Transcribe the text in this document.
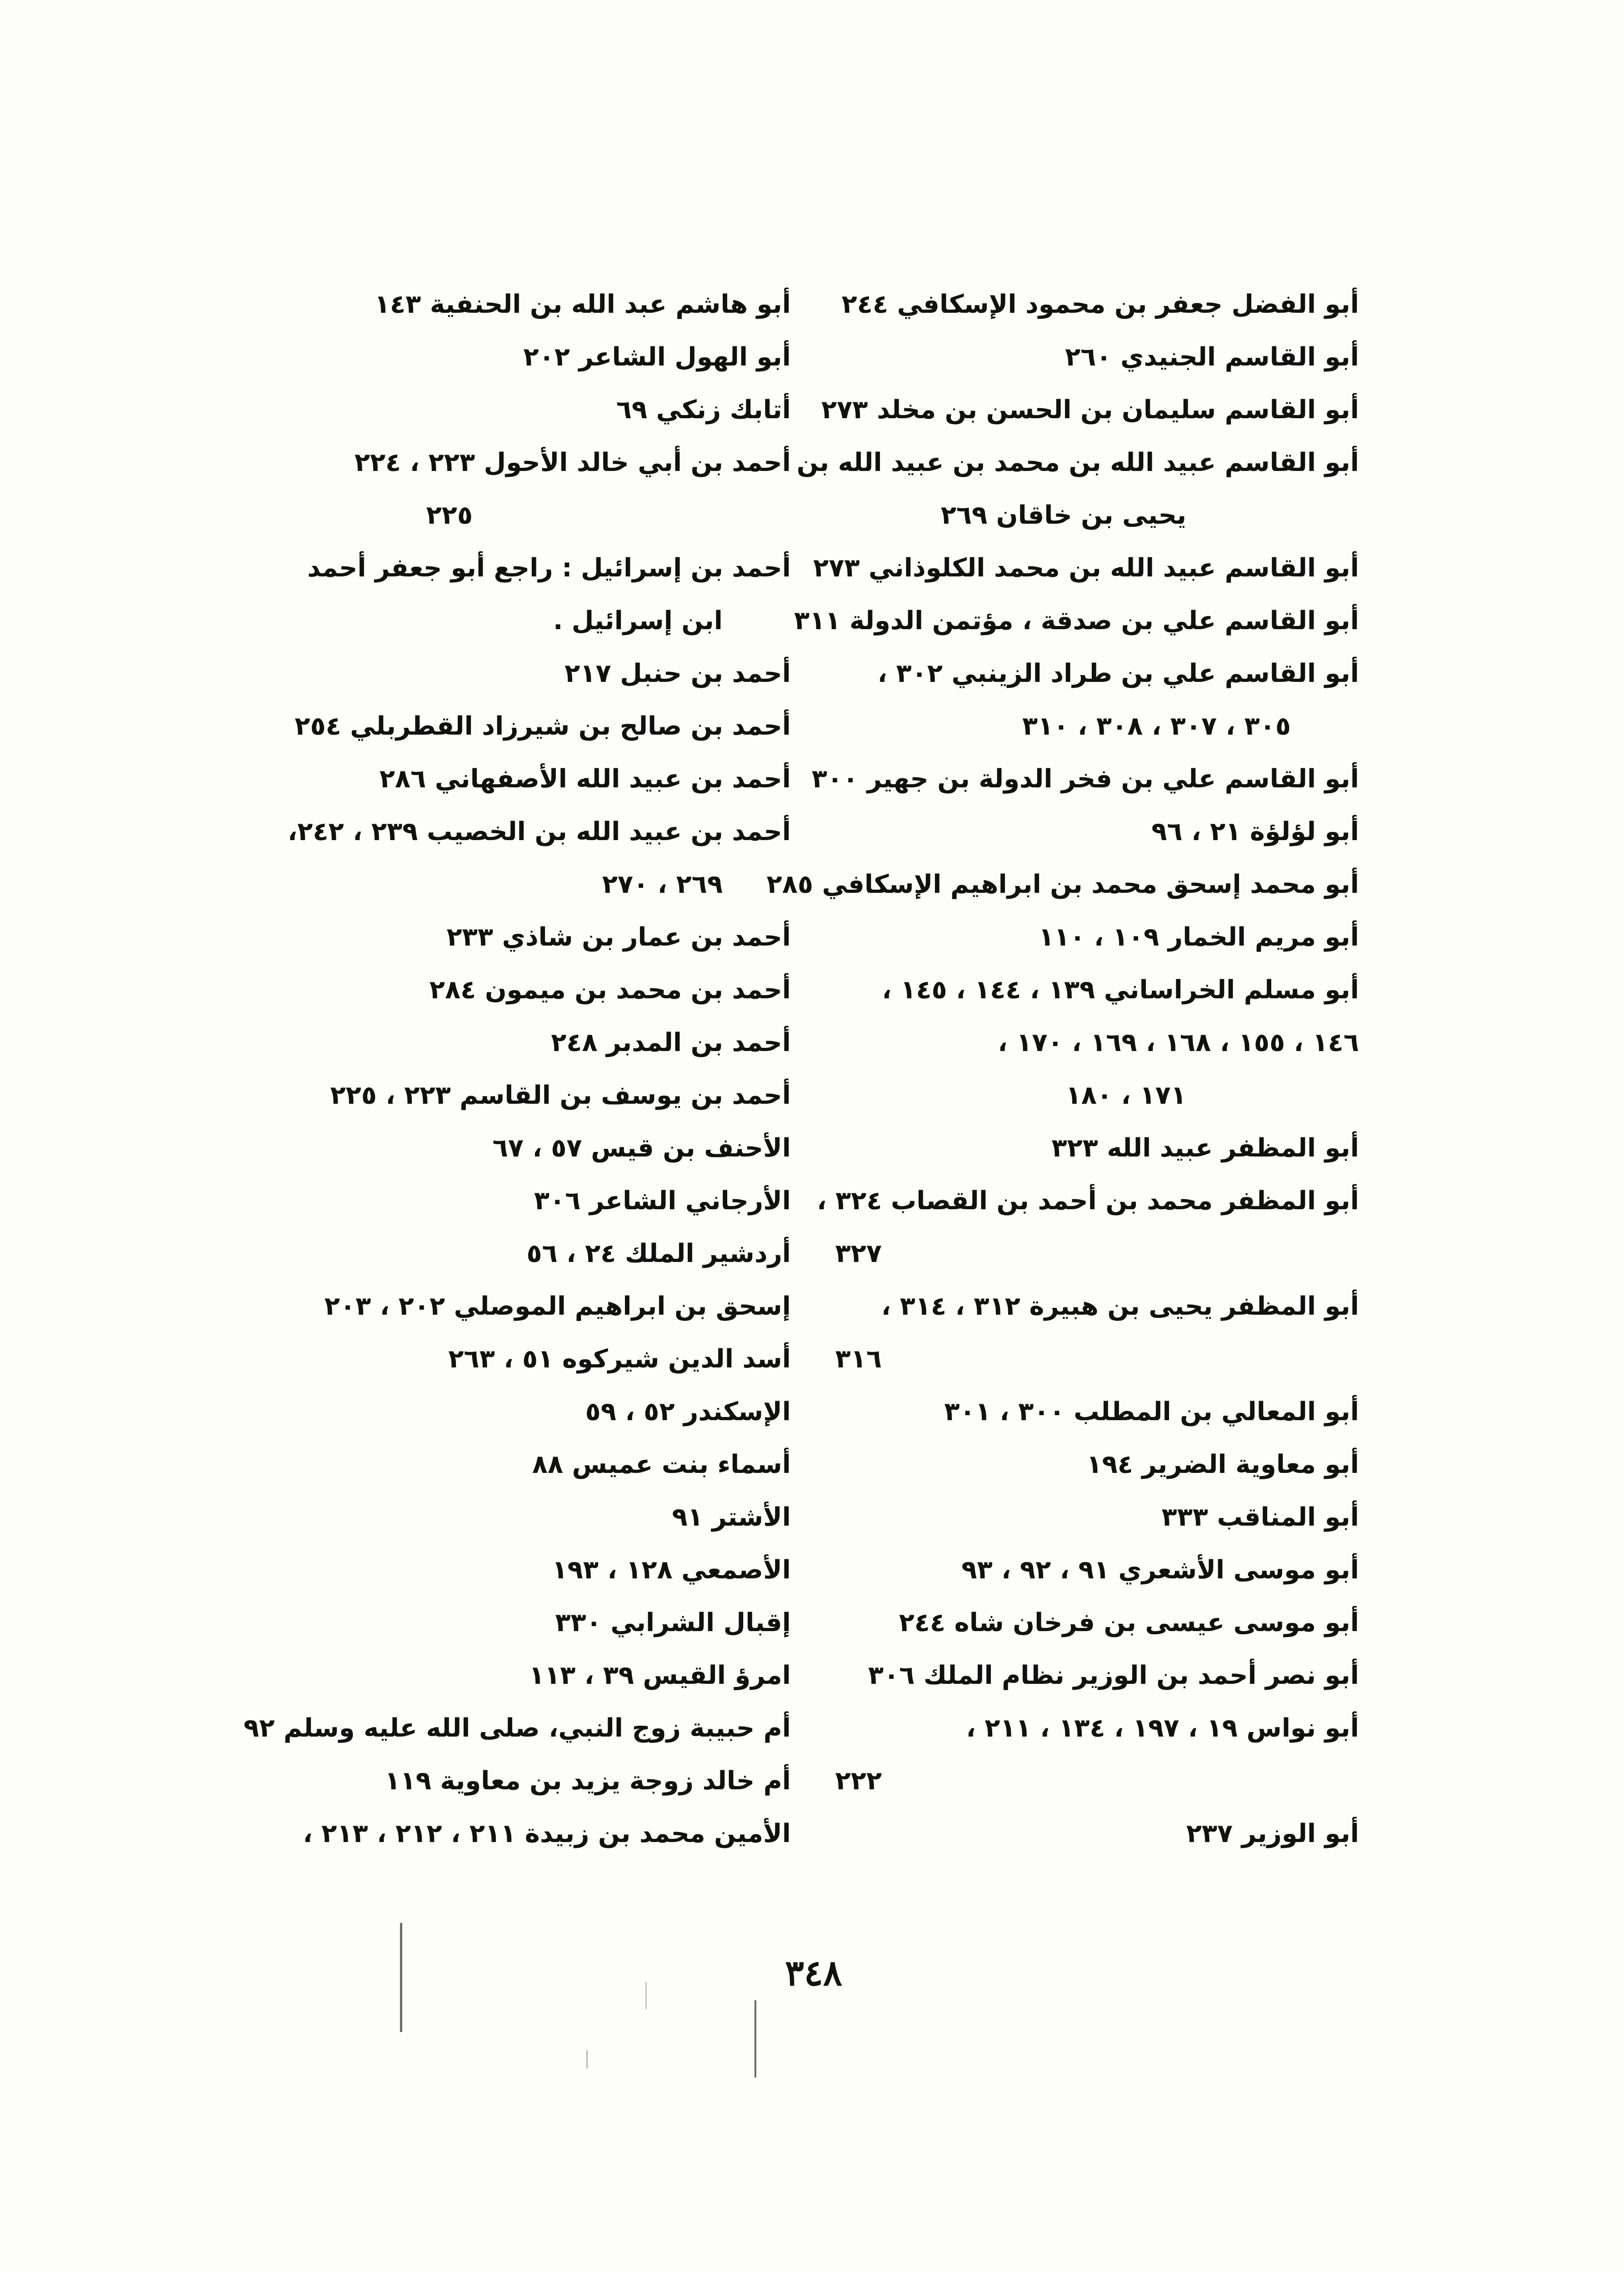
أبو الفضل جعفر بن محمود الإسكافي ٢٤٤
أبو القاسم الجنيدي ٢٦٠
أبو القاسم سليمان بن الحسن بن مخلد ٢٧٣
أبو القاسم عبيد الله بن محمد بن عبيد الله بن
يحيى بن خاقان ٢٦٩
أبو القاسم عبيد الله بن محمد الكلوذاني ٢٧٣
أبو القاسم علي بن صدقة ، مؤتمن الدولة ٣١١
أبو القاسم علي بن طراد الزينبي ٣٠٢ ،
٣٠٥ ، ٣٠٧ ، ٣٠٨ ، ٣١٠
أبو القاسم علي بن فخر الدولة بن جهير ٣٠٠
أبو لؤلؤة ٢١ ، ٩٦
أبو محمد إسحق محمد بن ابراهيم الإسكافي ٢٨٥
أبو مريم الخمار ١٠٩ ، ١١٠
أبو مسلم الخراساني ١٣٩ ، ١٤٤ ، ١٤٥ ،
١٤٦ ، ١٥٥ ، ١٦٨ ، ١٦٩ ، ١٧٠ ،
١٧١ ، ١٨٠
أبو المظفر عبيد الله ٣٢٣
أبو المظفر محمد بن أحمد بن القصاب ٣٢٤ ،
٣٢٧
أبو المظفر يحيى بن هبيرة ٣١٢ ، ٣١٤ ،
٣١٦
أبو المعالي بن المطلب ٣٠٠ ، ٣٠١
أبو معاوية الضرير ١٩٤
أبو المناقب ٣٣٣
أبو موسى الأشعري ٩١ ، ٩٢ ، ٩٣
أبو موسى عيسى بن فرخان شاه ٢٤٤
أبو نصر أحمد بن الوزير نظام الملك ٣٠٦
أبو نواس ١٩ ، ١٩٧ ، ١٣٤ ، ٢١١ ،
٢٢٢
أبو الوزير ٢٣٧
أبو هاشم عبد الله بن الحنفية ١٤٣
أبو الهول الشاعر ٢٠٢
أتابك زنكي ٦٩
أحمد بن أبي خالد الأحول ٢٢٣ ، ٢٢٤
٢٢٥
أحمد بن إسرائيل : راجع أبو جعفر أحمد
ابن إسرائيل .
أحمد بن حنبل ٢١٧
أحمد بن صالح بن شيرزاد القطربلي ٢٥٤
أحمد بن عبيد الله الأصفهاني ٢٨٦
أحمد بن عبيد الله بن الخصيب ٢٣٩ ، ٢٤٢،
٢٦٩ ، ٢٧٠
أحمد بن عمار بن شاذي ٢٣٣
أحمد بن محمد بن ميمون ٢٨٤
أحمد بن المدبر ٢٤٨
أحمد بن يوسف بن القاسم ٢٢٣ ، ٢٢٥
الأحنف بن قيس ٥٧ ، ٦٧
الأرجاني الشاعر ٣٠٦
أردشير الملك ٢٤ ، ٥٦
إسحق بن ابراهيم الموصلي ٢٠٢ ، ٢٠٣
أسد الدين شيركوه ٥١ ، ٢٦٣
الإسكندر ٥٢ ، ٥٩
أسماء بنت عميس ٨٨
الأشتر ٩١
الأصمعي ١٢٨ ، ١٩٣
إقبال الشرابي ٣٣٠
امرؤ القيس ٣٩ ، ١١٣
أم حبيبة زوج النبي، صلى الله عليه وسلم ٩٢
أم خالد زوجة يزيد بن معاوية ١١٩
الأمين محمد بن زبيدة ٢١١ ، ٢١٢ ، ٢١٣ ،
٣٤٨
